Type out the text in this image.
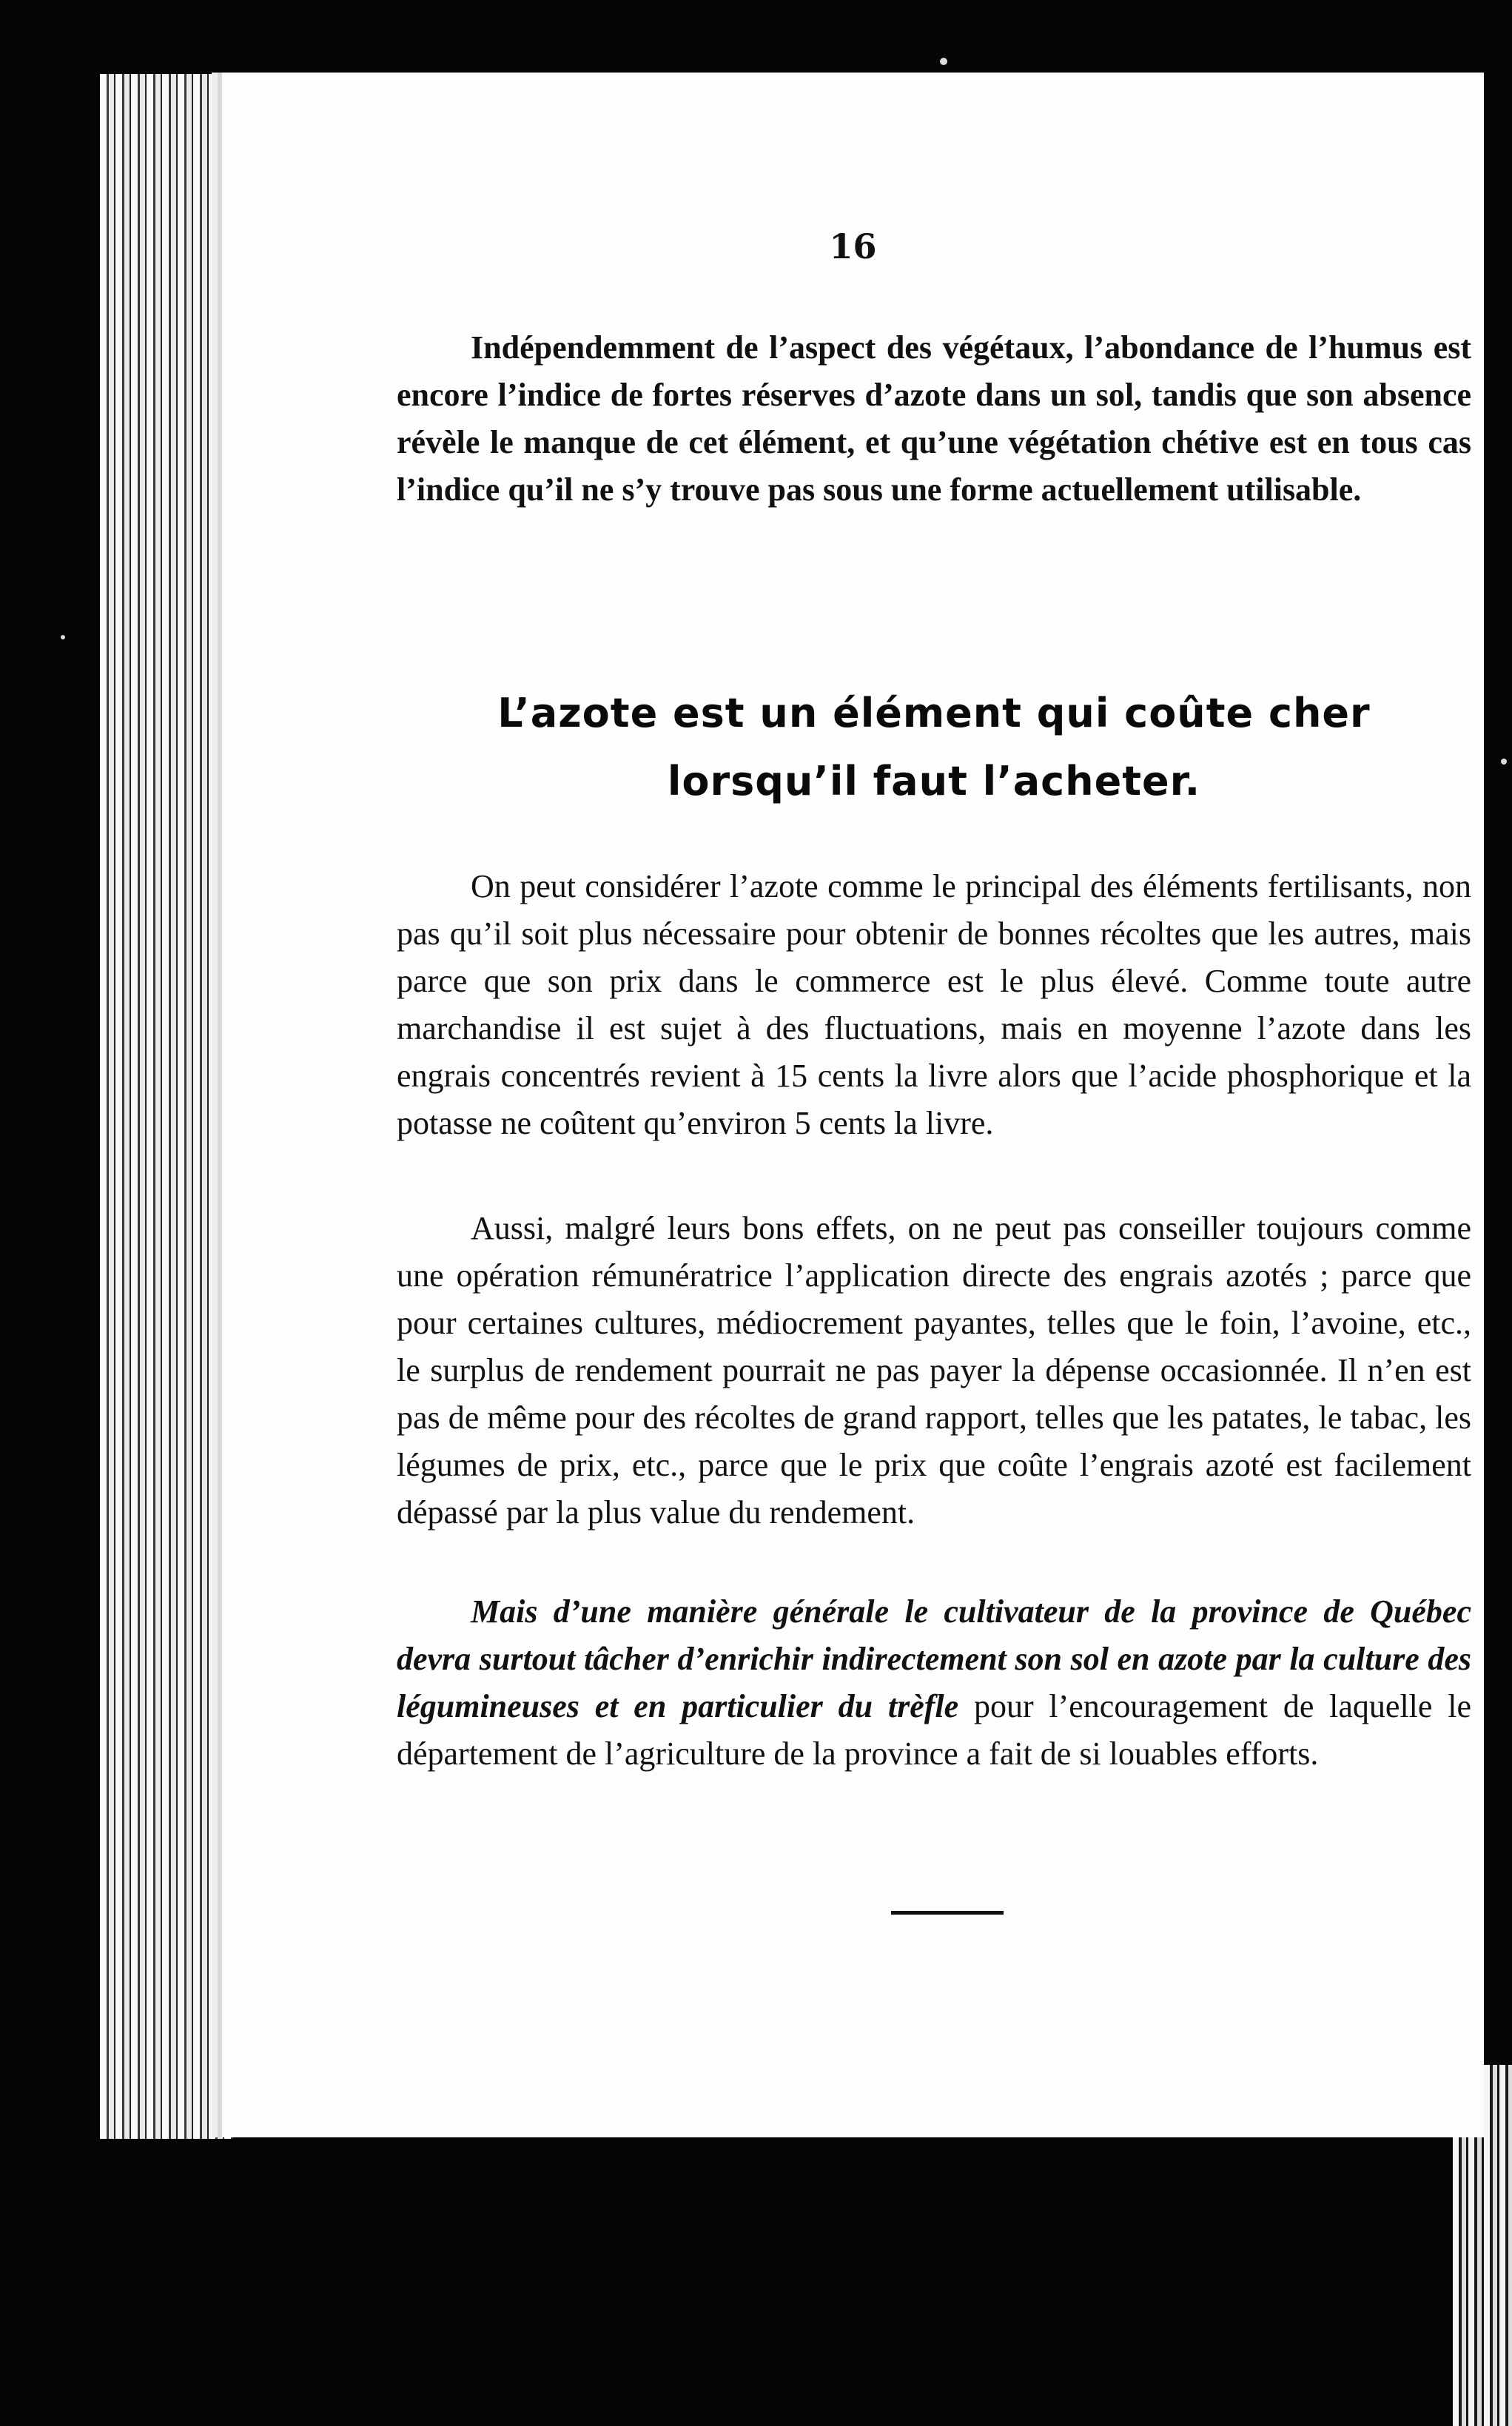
16

Indépendemment de l’aspect des végétaux, l’abondance de l’humus est encore l’indice de fortes réserves d’azote dans un sol, tandis que son absence révèle le manque de cet élément, et qu’une végétation chétive est en tous cas l’indice qu’il ne s’y trouve pas sous une forme actuellement utilisable.

L’azote est un élément qui coûte cher
lorsqu’il faut l’acheter.

On peut considérer l’azote comme le principal des éléments fertilisants, non pas qu’il soit plus nécessaire pour obtenir de bonnes récoltes que les autres, mais parce que son prix dans le commerce est le plus élevé. Comme toute autre marchandise il est sujet à des fluctuations, mais en moyenne l’azote dans les engrais concentrés revient à 15 cents la livre alors que l’acide phosphorique et la potasse ne coûtent qu’environ 5 cents la livre.

Aussi, malgré leurs bons effets, on ne peut pas conseiller toujours comme une opération rémunératrice l’application directe des engrais azotés ; parce que pour certaines cultures, médiocrement payantes, telles que le foin, l’avoine, etc., le surplus de rendement pourrait ne pas payer la dépense occasionnée. Il n’en est pas de même pour des récoltes de grand rapport, telles que les patates, le tabac, les légumes de prix, etc., parce que le prix que coûte l’engrais azoté est facilement dépassé par la plus value du rendement.

Mais d’une manière générale le cultivateur de la province de Québec devra surtout tâcher d’enrichir indirectement son sol en azote par la culture des légumineuses et en particulier du trèfle pour l’encouragement de laquelle le département de l’agriculture de la province a fait de si louables efforts.
